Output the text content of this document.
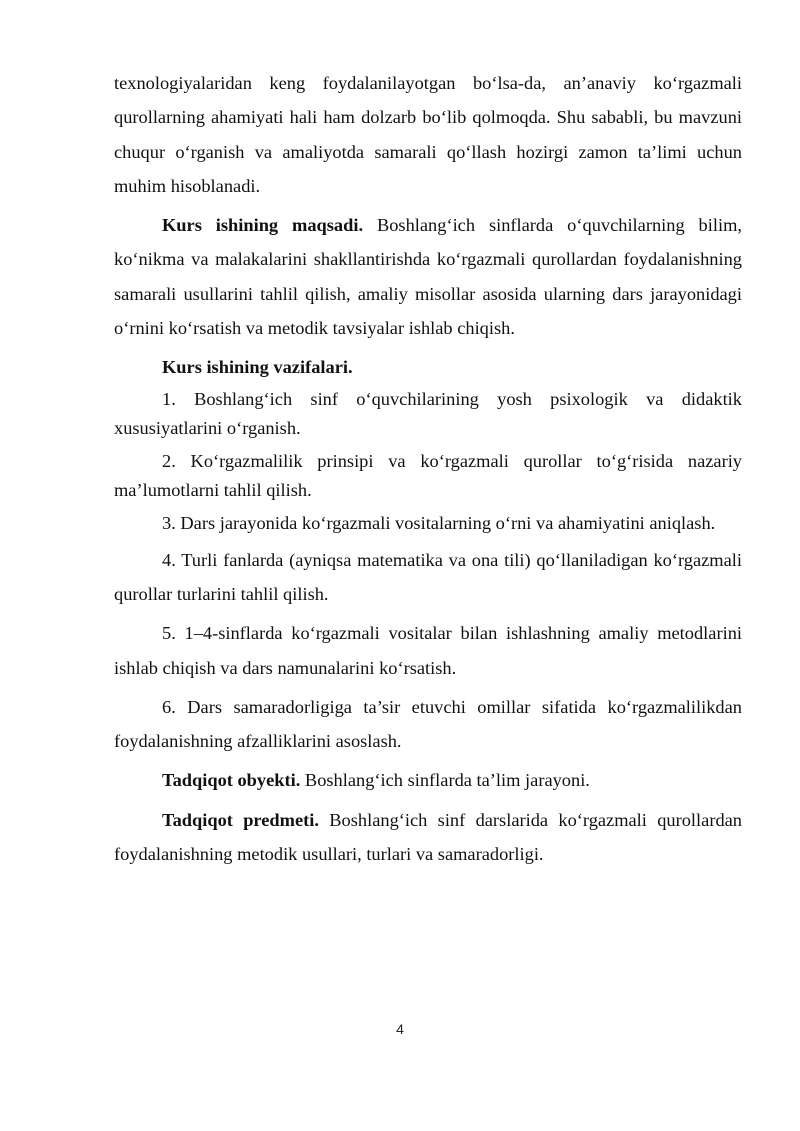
texnologiyalaridan keng foydalanilayotgan bo‘lsa-da, an’anaviy ko‘rgazmali qurollarning ahamiyati hali ham dolzarb bo‘lib qolmoqda. Shu sababli, bu mavzuni chuqur o‘rganish va amaliyotda samarali qo‘llash hozirgi zamon ta’limi uchun muhim hisoblanadi.

Kurs ishining maqsadi. Boshlang‘ich sinflarda o‘quvchilarning bilim, ko‘nikma va malakalarini shakllantirishda ko‘rgazmali qurollardan foydalanishning samarali usullarini tahlil qilish, amaliy misollar asosida ularning dars jarayonidagi o‘rnini ko‘rsatish va metodik tavsiyalar ishlab chiqish.

Kurs ishining vazifalari.

1. Boshlang‘ich sinf o‘quvchilarining yosh psixologik va didaktik xususiyatlarini o‘rganish.

2. Ko‘rgazmalilik prinsipi va ko‘rgazmali qurollar to‘g‘risida nazariy ma’lumotlarni tahlil qilish.

3. Dars jarayonida ko‘rgazmali vositalarning o‘rni va ahamiyatini aniqlash.

4. Turli fanlarda (ayniqsa matematika va ona tili) qo‘llaniladigan ko‘rgazmali qurollar turlarini tahlil qilish.

5. 1–4-sinflarda ko‘rgazmali vositalar bilan ishlashning amaliy metodlarini ishlab chiqish va dars namunalarini ko‘rsatish.

6. Dars samaradorligiga ta’sir etuvchi omillar sifatida ko‘rgazmalilikdan foydalanishning afzalliklarini asoslash.

Tadqiqot obyekti. Boshlang‘ich sinflarda ta’lim jarayoni.

Tadqiqot predmeti. Boshlang‘ich sinf darslarida ko‘rgazmali qurollardan foydalanishning metodik usullari, turlari va samaradorligi.

4
